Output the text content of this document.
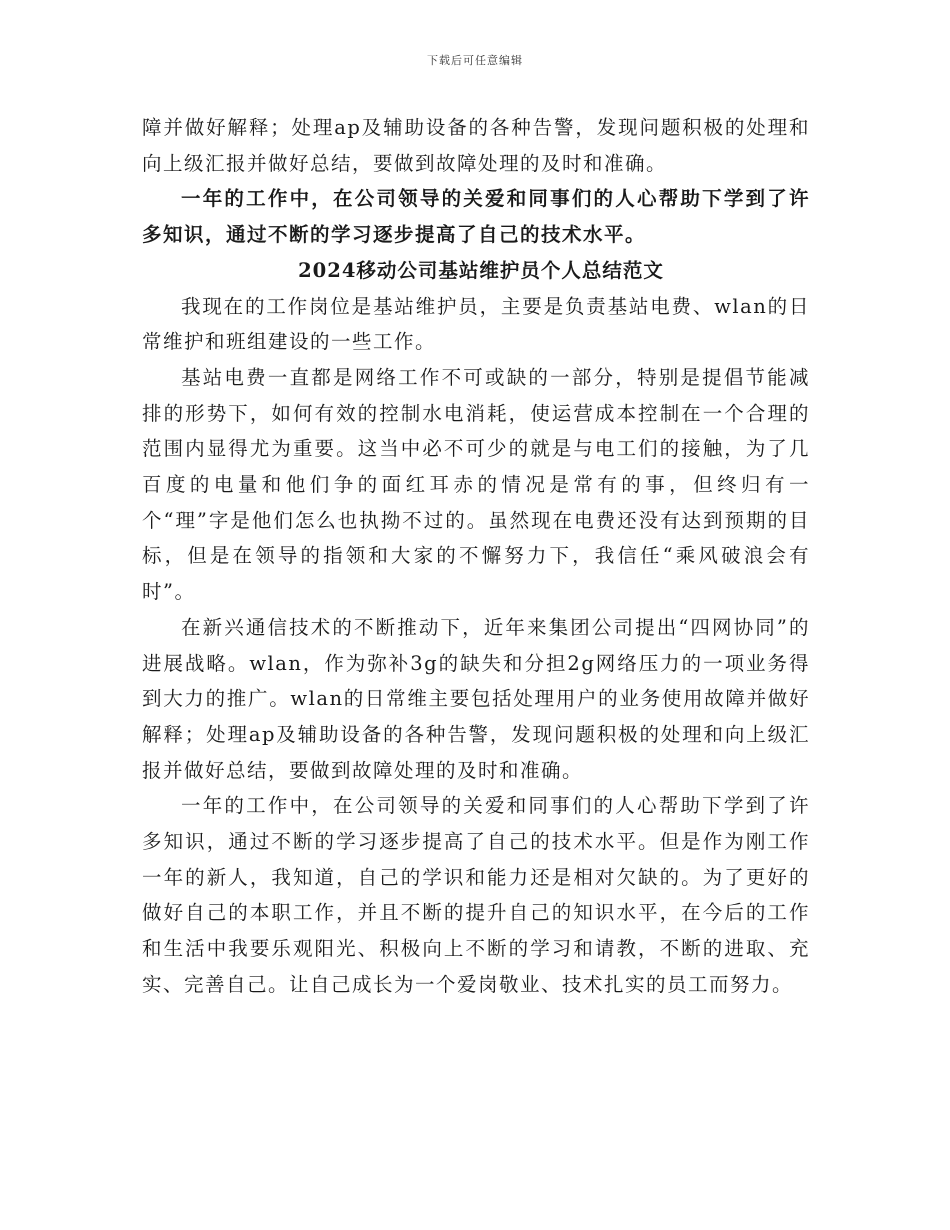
下载后可任意编辑

障并做好解释；处理ap及辅助设备的各种告警，发现问题积极的处理和向上级汇报并做好总结，要做到故障处理的及时和准确。

一年的工作中，在公司领导的关爱和同事们的人心帮助下学到了许多知识，通过不断的学习逐步提高了自己的技术水平。

2024移动公司基站维护员个人总结范文

我现在的工作岗位是基站维护员，主要是负责基站电费、wlan的日常维护和班组建设的一些工作。

基站电费一直都是网络工作不可或缺的一部分，特别是提倡节能减排的形势下，如何有效的控制水电消耗，使运营成本控制在一个合理的范围内显得尤为重要。这当中必不可少的就是与电工们的接触，为了几百度的电量和他们争的面红耳赤的情况是常有的事，但终归有一个“理”字是他们怎么也执拗不过的。虽然现在电费还没有达到预期的目标，但是在领导的指领和大家的不懈努力下，我信任“乘风破浪会有时”。

在新兴通信技术的不断推动下，近年来集团公司提出“四网协同”的进展战略。wlan，作为弥补3g的缺失和分担2g网络压力的一项业务得到大力的推广。wlan的日常维主要包括处理用户的业务使用故障并做好解释；处理ap及辅助设备的各种告警，发现问题积极的处理和向上级汇报并做好总结，要做到故障处理的及时和准确。

一年的工作中，在公司领导的关爱和同事们的人心帮助下学到了许多知识，通过不断的学习逐步提高了自己的技术水平。但是作为刚工作一年的新人，我知道，自己的学识和能力还是相对欠缺的。为了更好的做好自己的本职工作，并且不断的提升自己的知识水平，在今后的工作和生活中我要乐观阳光、积极向上不断的学习和请教，不断的进取、充实、完善自己。让自己成长为一个爱岗敬业、技术扎实的员工而努力。
